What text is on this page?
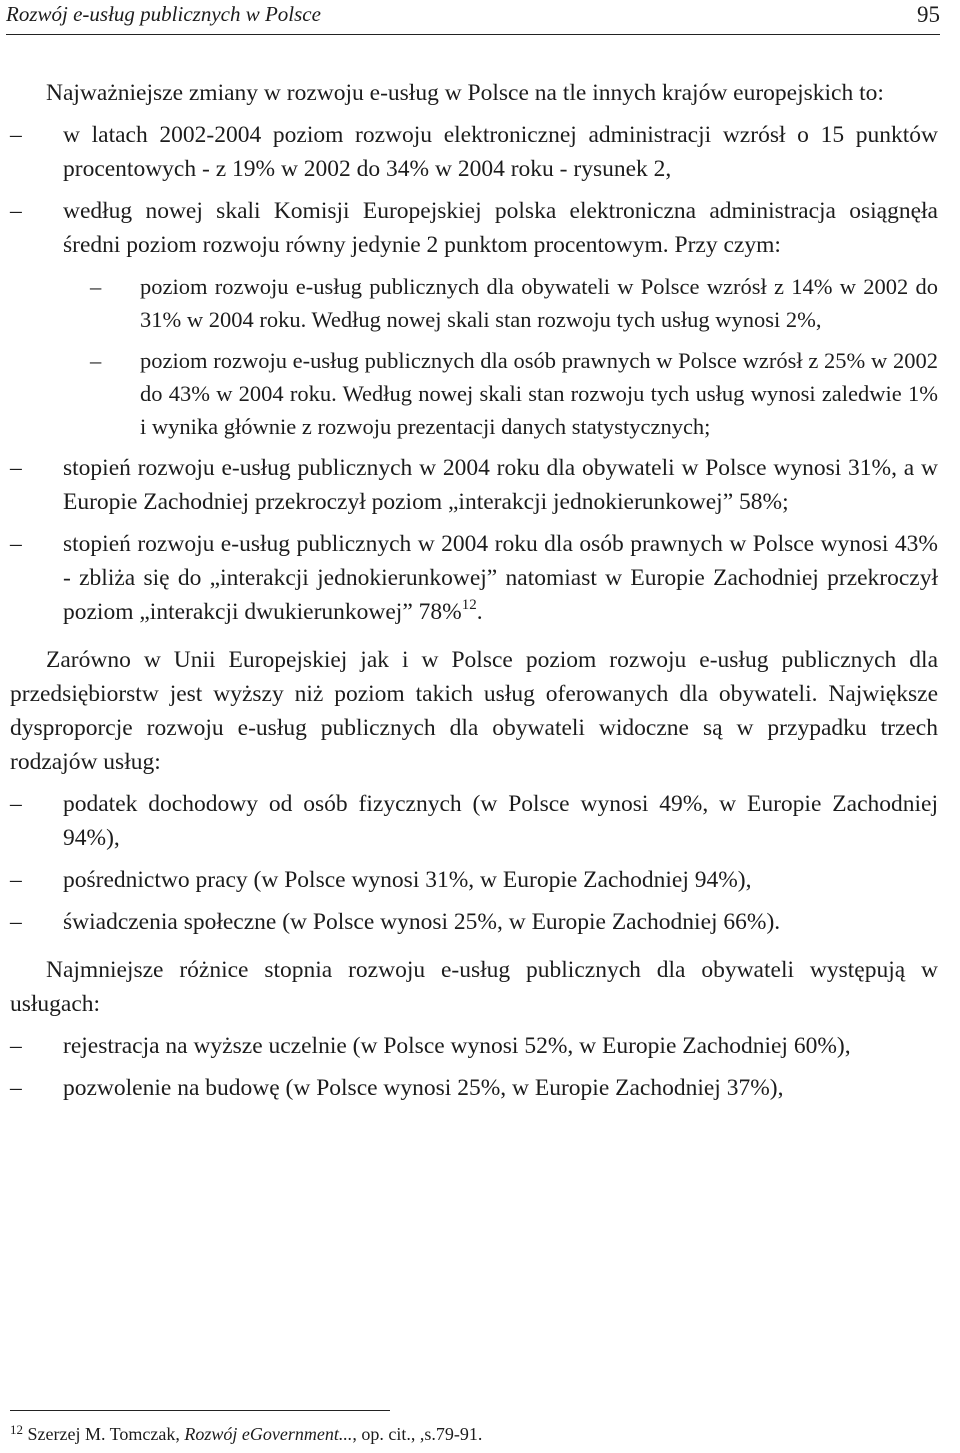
Rozwój e-usług publicznych w Polsce	95

Najważniejsze zmiany w rozwoju e-usług w Polsce na tle innych krajów europejskich to:

– w latach 2002-2004 poziom rozwoju elektronicznej administracji wzrósł o 15 punktów procentowych - z 19% w 2002 do 34% w 2004 roku - rysunek 2,
– według nowej skali Komisji Europejskiej polska elektroniczna administracja osiągnęła średni poziom rozwoju równy jedynie 2 punktom procentowym. Przy czym:
– poziom rozwoju e-usług publicznych dla obywateli w Polsce wzrósł z 14% w 2002 do 31% w 2004 roku. Według nowej skali stan rozwoju tych usług wynosi 2%,
– poziom rozwoju e-usług publicznych dla osób prawnych w Polsce wzrósł z 25% w 2002 do 43% w 2004 roku. Według nowej skali stan rozwoju tych usług wynosi zaledwie 1% i wynika głównie z rozwoju prezentacji danych statystycznych;
– stopień rozwoju e-usług publicznych w 2004 roku dla obywateli w Polsce wynosi 31%, a w Europie Zachodniej przekroczył poziom „interakcji jednokierunkowej” 58%;
– stopień rozwoju e-usług publicznych w 2004 roku dla osób prawnych w Polsce wynosi 43% - zbliża się do „interakcji jednokierunkowej” natomiast w Europie Zachodniej przekroczył poziom „interakcji dwukierunkowej” 78%$^{12}$.

Zarówno w Unii Europejskiej jak i w Polsce poziom rozwoju e-usług publicznych dla przedsiębiorstw jest wyższy niż poziom takich usług oferowanych dla obywateli. Największe dysproporcje rozwoju e-usług publicznych dla obywateli widoczne są w przypadku trzech rodzajów usług:

– podatek dochodowy od osób fizycznych (w Polsce wynosi 49%, w Europie Zachodniej 94%),
– pośrednictwo pracy (w Polsce wynosi 31%, w Europie Zachodniej 94%),
– świadczenia społeczne (w Polsce wynosi 25%, w Europie Zachodniej 66%).

Najmniejsze różnice stopnia rozwoju e-usług publicznych dla obywateli występują w usługach:

– rejestracja na wyższe uczelnie (w Polsce wynosi 52%, w Europie Zachodniej 60%),
– pozwolenie na budowę (w Polsce wynosi 25%, w Europie Zachodniej 37%),
$^{12}$ Szerzej M. Tomczak, Rozwój eGovernment..., op. cit., ,s.79-91.
